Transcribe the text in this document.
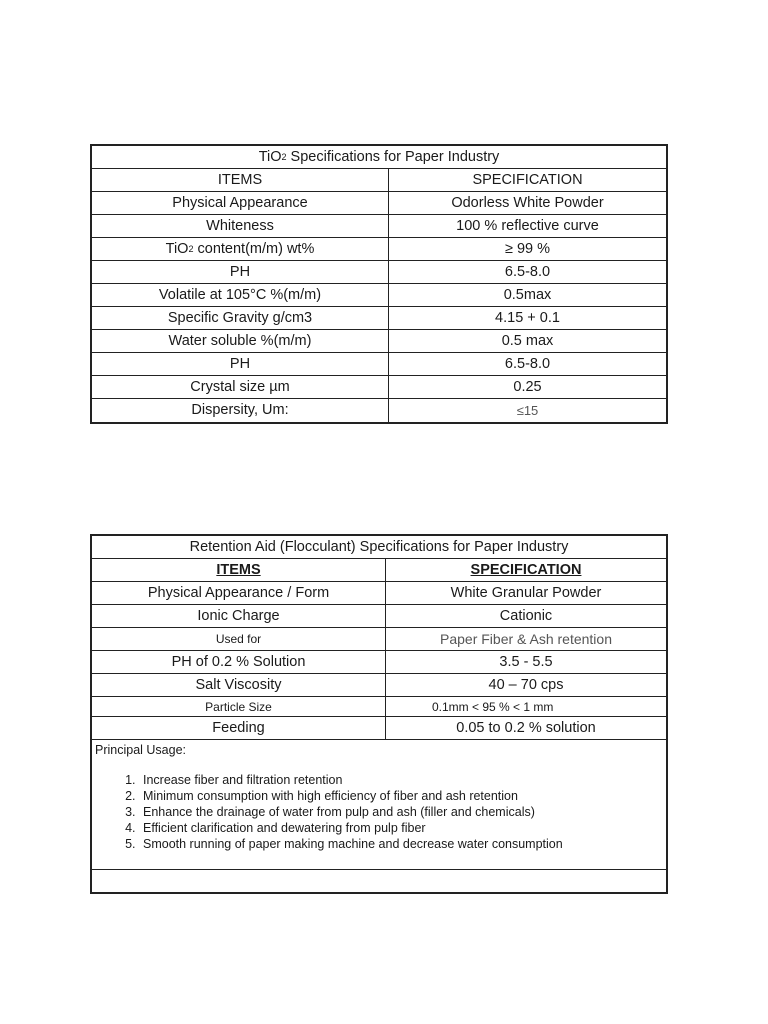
TiO 2 Specifications for Paper Industry
ITEMS	SPECIFICATION
Physical Appearance	Odorless White Powder
Whiteness	100 % reflective curve
TiO 2 content(m/m) wt%	≥ 99 %
PH	6.5-8.0
Volatile at 105°C %(m/m)	0.5max
Specific Gravity g/cm3	4.15 + 0.1
Water soluble %(m/m)	0.5 max
PH	6.5-8.0
Crystal size µm	0.25
Dispersity, Um:	≤15
Retention Aid (Flocculant) Specifications for Paper Industry
ITEMS	SPECIFICATION
Physical Appearance / Form	White Granular Powder
Ionic Charge	Cationic
Used for	Paper Fiber & Ash retention
PH of 0.2 % Solution	3.5 - 5.5
Salt Viscosity	40 – 70 cps
Particle Size	0.1mm < 95 % < 1 mm
Feeding	0.05 to 0.2 % solution
Principal Usage:
1. Increase fiber and filtration retention
2. Minimum consumption with high efficiency of fiber and ash retention
3. Enhance the drainage of water from pulp and ash (filler and chemicals)
4. Efficient clarification and dewatering from pulp fiber
5. Smooth running of paper making machine and decrease water consumption
